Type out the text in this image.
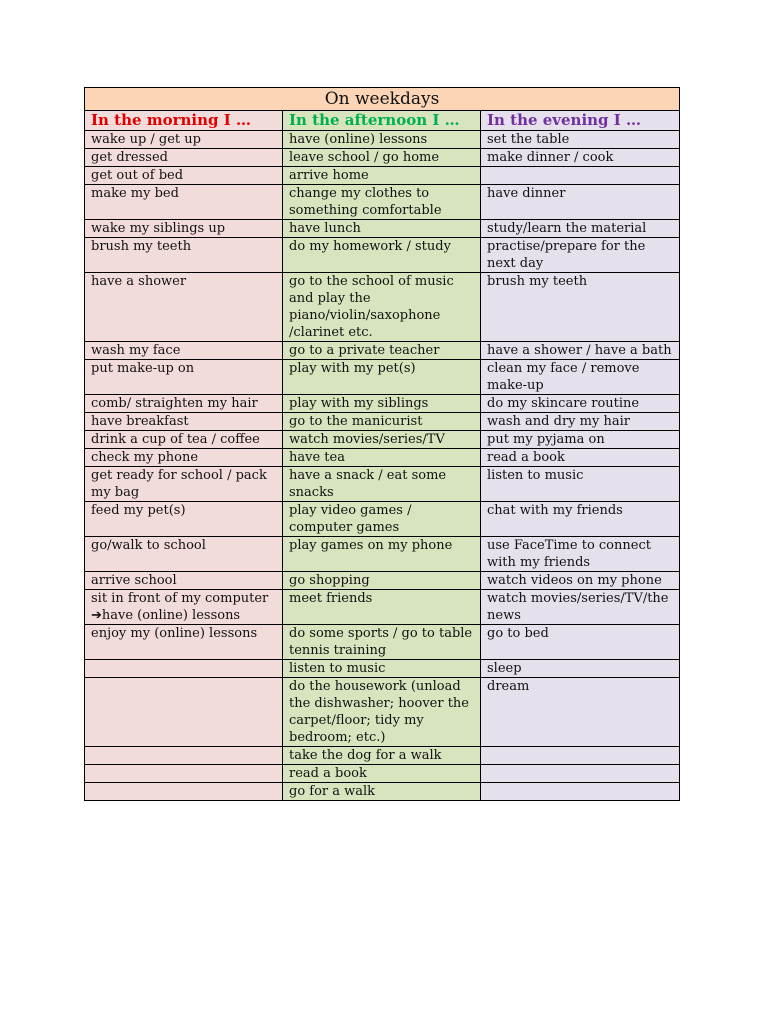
On weekdays		
In the morning I …	In the afternoon I …	In the evening I …
wake up / get up	have (online) lessons	set the table
get dressed	leave school / go home	make dinner / cook
get out of bed	arrive home	
make my bed	change my clothes to something comfortable	have dinner
wake my siblings up	have lunch	study/learn the material
brush my teeth	do my homework / study	practise/prepare for the next day
have a shower	go to the school of music and play the piano/violin/saxophone /clarinet etc.	brush my teeth
wash my face	go to a private teacher	have a shower / have a bath
put make-up on	play with my pet(s)	clean my face / remove make-up
comb/ straighten my hair	play with my siblings	do my skincare routine
have breakfast	go to the manicurist	wash and dry my hair
drink a cup of tea / coffee	watch movies/series/TV	put my pyjama on
check my phone	have tea	read a book
get ready for school / pack my bag	have a snack / eat some snacks	listen to music
feed my pet(s)	play video games / computer games	chat with my friends
go/walk to school	play games on my phone	use FaceTime to connect with my friends
arrive school	go shopping	watch videos on my phone
sit in front of my computer ➔have (online) lessons	meet friends	watch movies/series/TV/the news
enjoy my (online) lessons	do some sports / go to table tennis training	go to bed
	listen to music	sleep
	do the housework (unload the dishwasher; hoover the carpet/floor; tidy my bedroom; etc.)	dream
	take the dog for a walk	
	read a book	
	go for a walk	
